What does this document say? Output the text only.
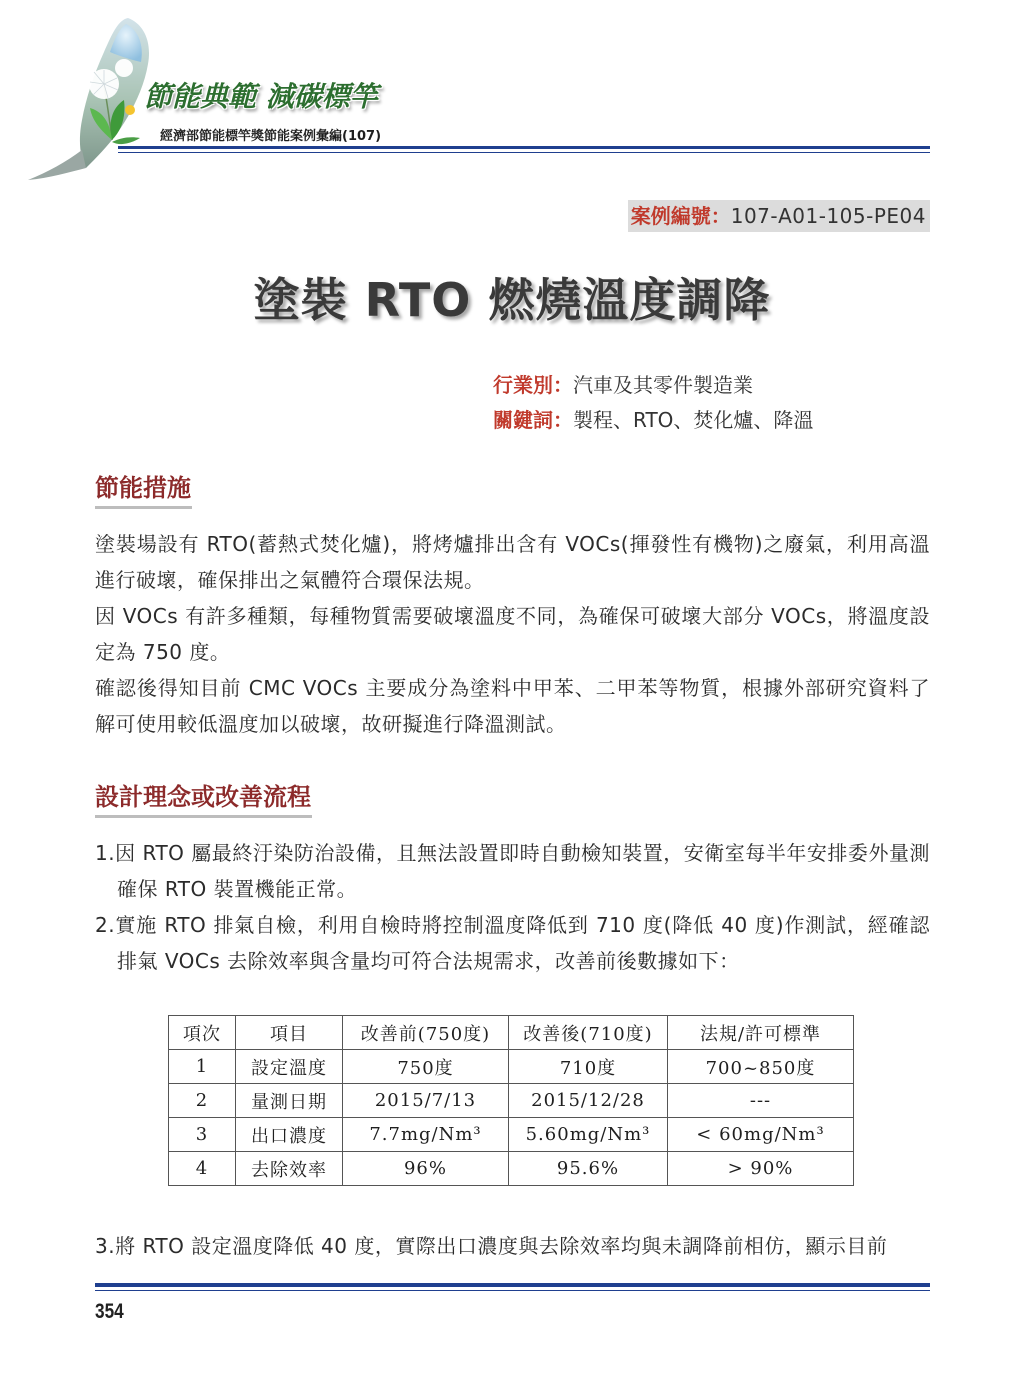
節能典範 減碳標竿
經濟部節能標竿獎節能案例彙編(107)
案例編號：107-A01-105-PE04
塗裝 RTO 燃燒溫度調降
行業別：汽車及其零件製造業
關鍵詞：製程、RTO、焚化爐、降溫
節能措施

塗裝場設有 RTO(蓄熱式焚化爐)，將烤爐排出含有 VOCs(揮發性有機物)之廢氣，利用高溫進行破壞，確保排出之氣體符合環保法規。

因 VOCs 有許多種類，每種物質需要破壞溫度不同，為確保可破壞大部分 VOCs，將溫度設定為 750 度。

確認後得知目前 CMC VOCs 主要成分為塗料中甲苯、二甲苯等物質，根據外部研究資料了解可使用較低溫度加以破壞，故研擬進行降溫測試。

設計理念或改善流程

1.因 RTO 屬最終汙染防治設備，且無法設置即時自動檢知裝置，安衛室每半年安排委外量測確保 RTO 裝置機能正常。

2.實施 RTO 排氣自檢，利用自檢時將控制溫度降低到 710 度(降低 40 度)作測試，經確認排氣 VOCs 去除效率與含量均可符合法規需求，改善前後數據如下：

項次	項目	改善前(750度)	改善後(710度)	法規/許可標準
1	設定溫度	750度	710度	700~850度
2	量測日期	2015/7/13	2015/12/28	---
3	出口濃度	7.7mg/Nm³	5.60mg/Nm³	< 60mg/Nm³
4	去除效率	96%	95.6%	> 90%

3.將 RTO 設定溫度降低 40 度，實際出口濃度與去除效率均與未調降前相仿，顯示目前

354
